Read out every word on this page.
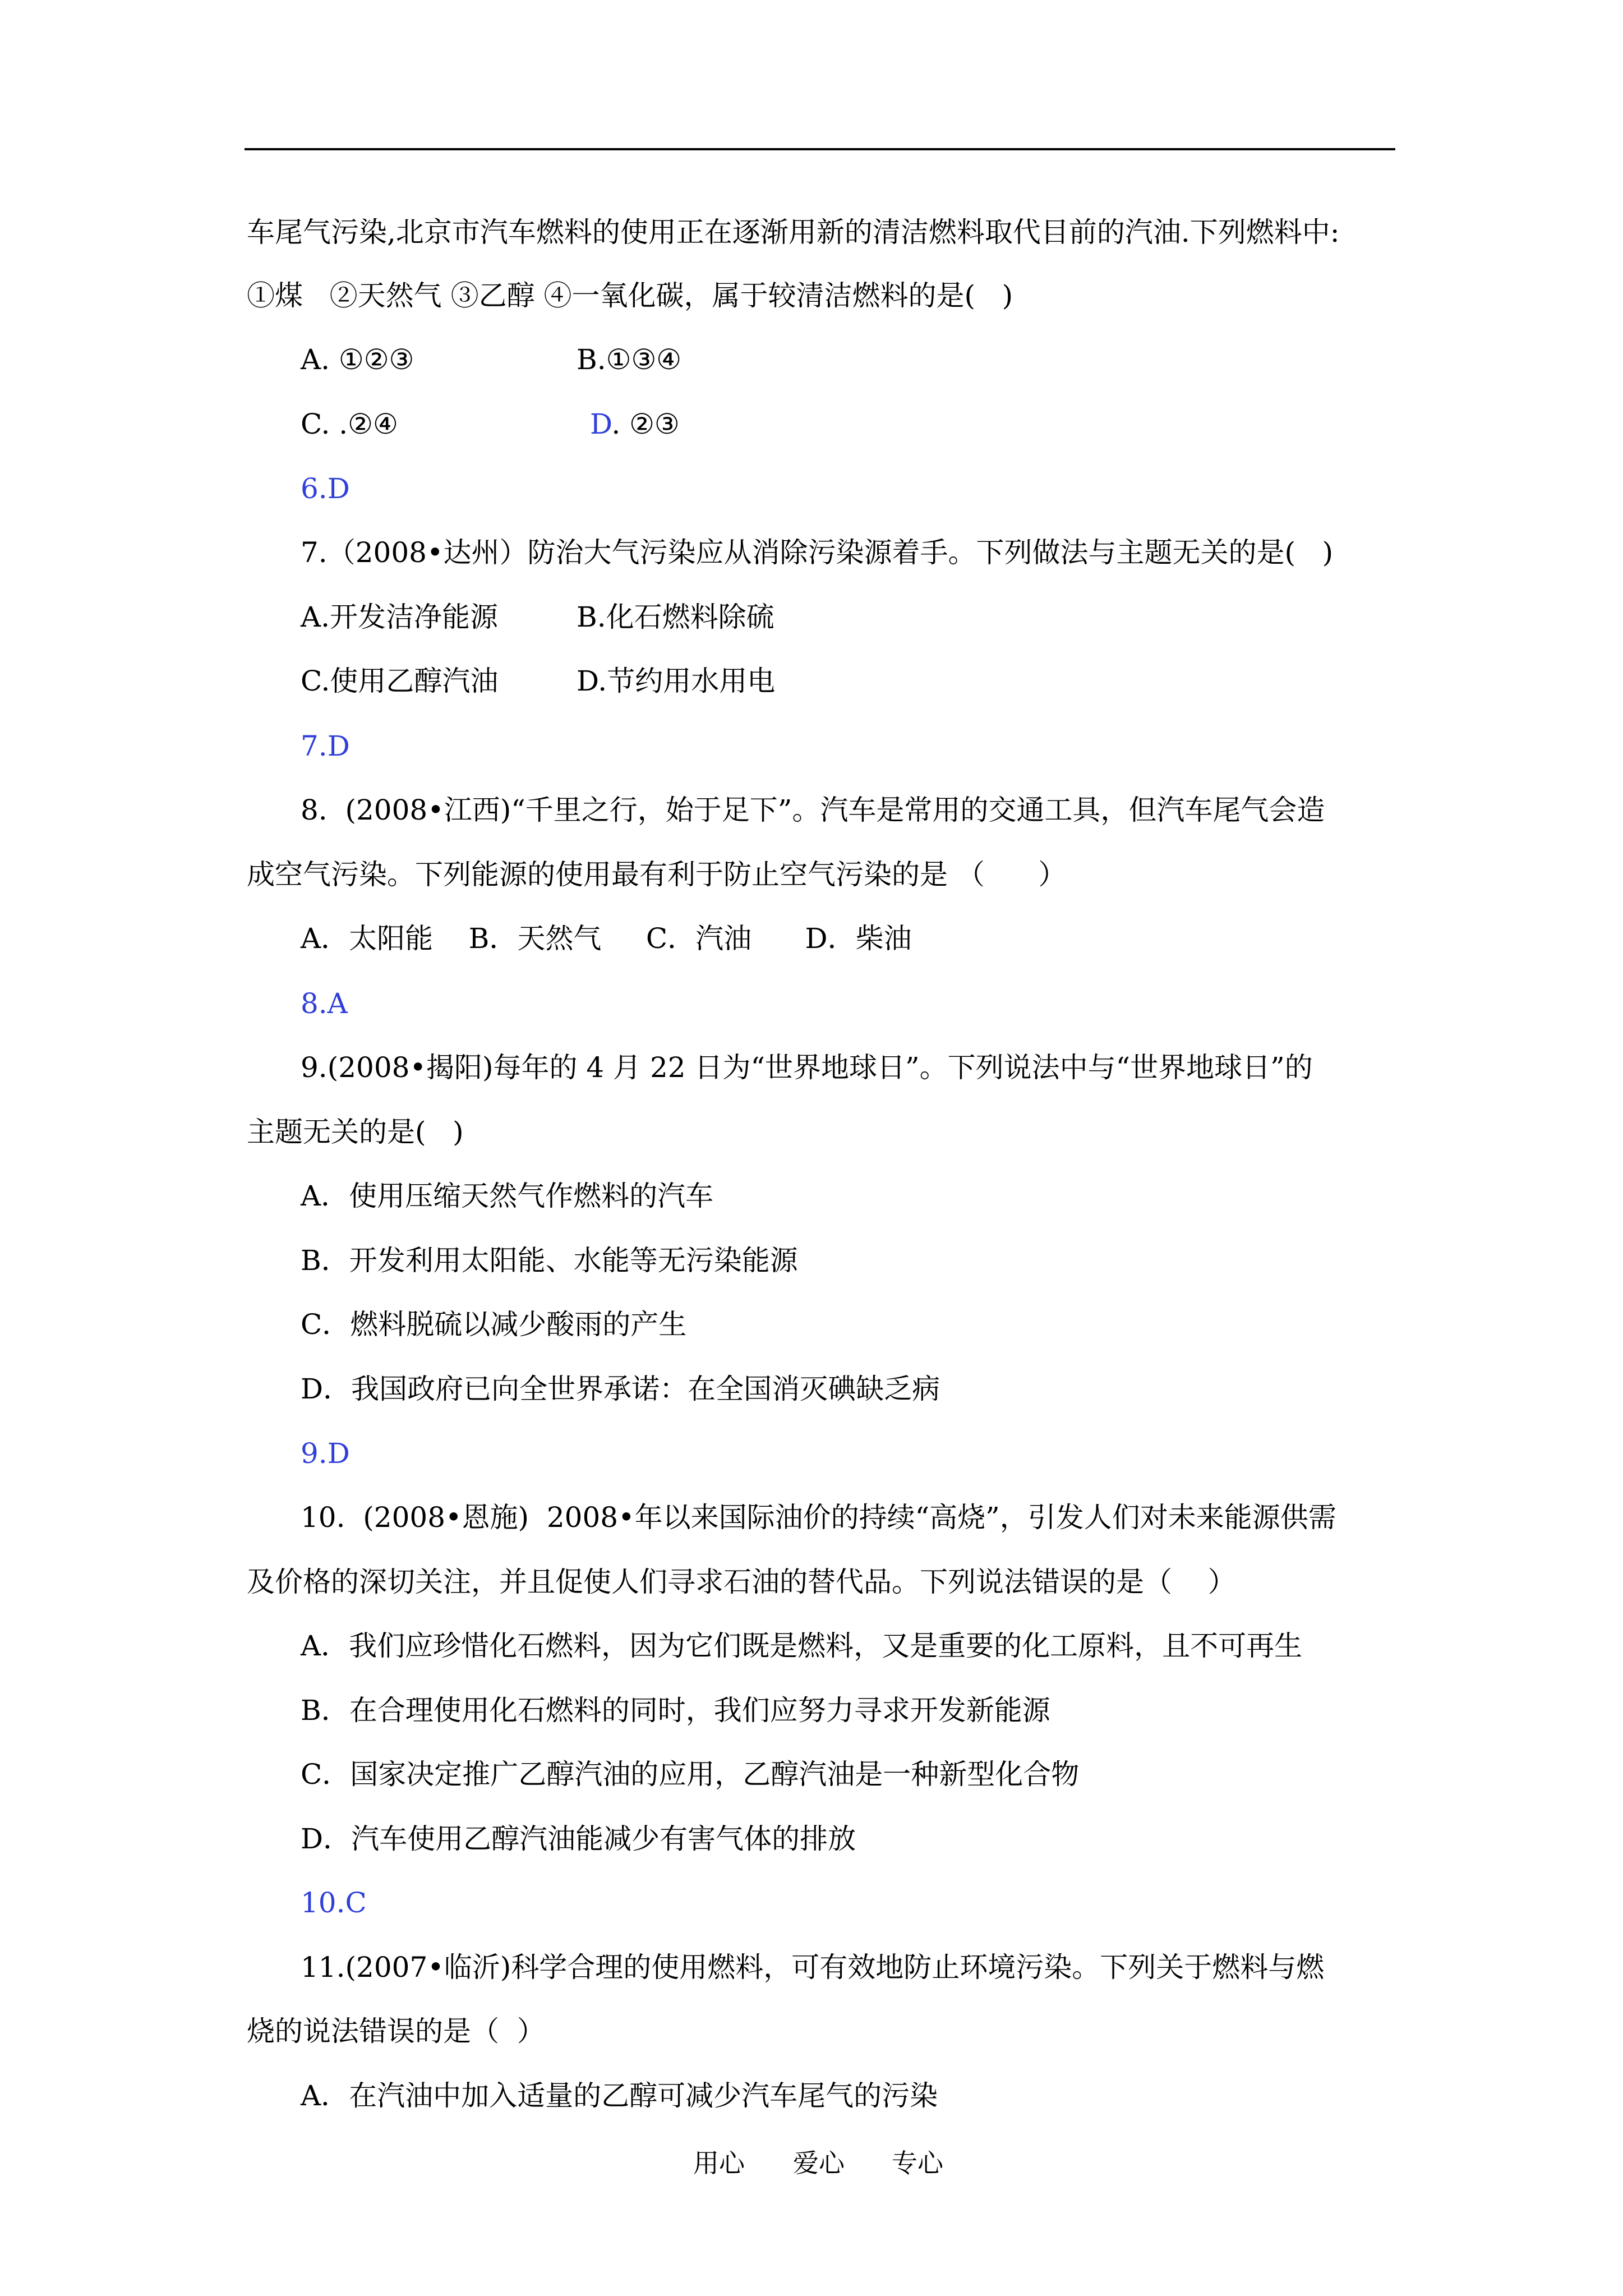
车尾气污染,北京市汽车燃料的使用正在逐渐用新的清洁燃料取代目前的汽油.下列燃料中:
①煤   ②天然气 ③乙醇 ④一氧化碳，属于较清洁燃料的是(   )
A. ①②③	B.①③④
C. .②④	D. ②③
6.D
7.（2008•达州）防治大气污染应从消除污染源着手。下列做法与主题无关的是(   )
A.开发洁净能源	B.化石燃料除硫
C.使用乙醇汽油	D.节约用水用电
7.D
8.  (2008•江西)“千里之行，始于足下”。汽车是常用的交通工具，但汽车尾气会造
成空气污染。下列能源的使用最有利于防止空气污染的是 （      ）
A．太阳能    B．天然气     C．汽油      D．柴油
8.A
9.(2008•揭阳)每年的 4 月 22 日为“世界地球日”。下列说法中与“世界地球日”的
主题无关的是(   )
A．使用压缩天然气作燃料的汽车
B．开发利用太阳能、水能等无污染能源
C．燃料脱硫以减少酸雨的产生
D．我国政府已向全世界承诺：在全国消灭碘缺乏病
9.D
10.  (2008•恩施)  2008•年以来国际油价的持续“高烧”，引发人们对未来能源供需
及价格的深切关注，并且促使人们寻求石油的替代品。下列说法错误的是（    ）
A．我们应珍惜化石燃料，因为它们既是燃料，又是重要的化工原料，且不可再生
B．在合理使用化石燃料的同时，我们应努力寻求开发新能源
C．国家决定推广乙醇汽油的应用，乙醇汽油是一种新型化合物
D．汽车使用乙醇汽油能减少有害气体的排放
10.C
11.(2007•临沂)科学合理的使用燃料，可有效地防止环境污染。下列关于燃料与燃
烧的说法错误的是（  ）
A．在汽油中加入适量的乙醇可减少汽车尾气的污染
用心 爱心 专心
